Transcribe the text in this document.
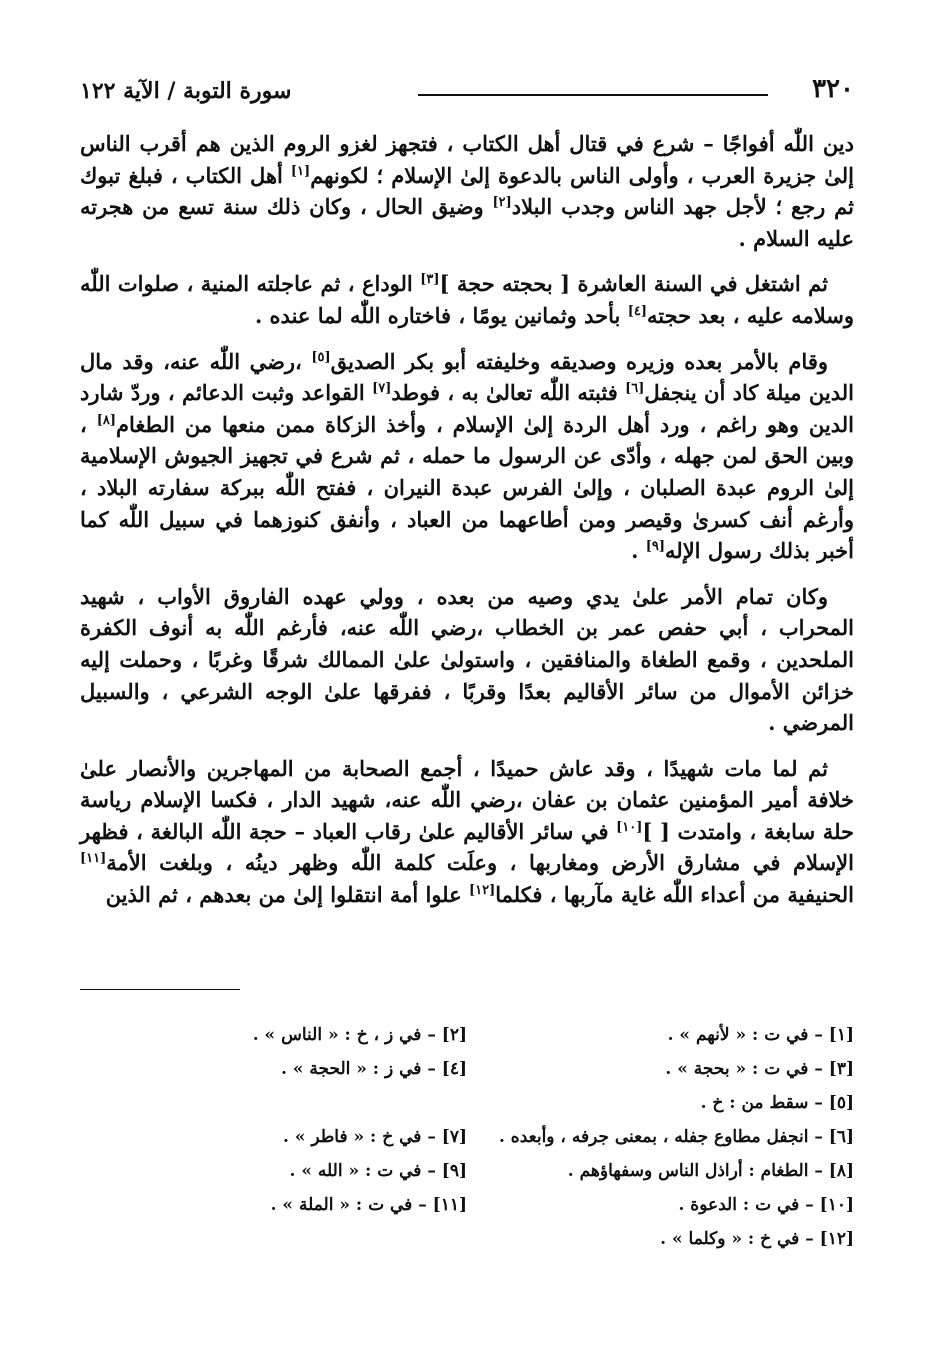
٣٢٠
سورة التوبة / الآية ١٢٢

دين اللّٰه أفواجًا – شرع في قتال أهل الكتاب ، فتجهز لغزو الروم الذين هم أقرب الناس إلىٰ جزيرة العرب ، وأولى الناس بالدعوة إلىٰ الإسلام ؛ لكونهم[١] أهل الكتاب ، فبلغ تبوك ثم رجع ؛ لأجل جهد الناس وجدب البلاد[٢] وضيق الحال ، وكان ذلك سنة تسع من هجرته عليه السلام .

ثم اشتغل في السنة العاشرة [ بحجته حجة ][٣] الوداع ، ثم عاجلته المنية ، صلوات اللّٰه وسلامه عليه ، بعد حجته[٤] بأحد وثمانين يومًا ، فاختاره اللّٰه لما عنده .

وقام بالأمر بعده وزيره وصديقه وخليفته أبو بكر الصديق[٥] ،رضي اللّٰه عنه، وقد مال الدين ميلة كاد أن ينجفل[٦] فثبته اللّٰه تعالىٰ به ، فوطد[٧] القواعد وثبت الدعائم ، وردّ شارد الدين وهو راغم ، ورد أهل الردة إلىٰ الإسلام ، وأخذ الزكاة ممن منعها من الطغام[٨] ، وبين الحق لمن جهله ، وأدّى عن الرسول ما حمله ، ثم شرع في تجهيز الجيوش الإسلامية إلىٰ الروم عبدة الصلبان ، وإلىٰ الفرس عبدة النيران ، ففتح اللّٰه ببركة سفارته البلاد ، وأرغم أنف كسرىٰ وقيصر ومن أطاعهما من العباد ، وأنفق كنوزهما في سبيل اللّٰه كما أخبر بذلك رسول الإله[٩] .

وكان تمام الأمر علىٰ يدي وصيه من بعده ، وولي عهده الفاروق الأواب ، شهيد المحراب ، أبي حفص عمر بن الخطاب ،رضي اللّٰه عنه، فأرغم اللّٰه به أنوف الكفرة الملحدين ، وقمع الطغاة والمنافقين ، واستولىٰ علىٰ الممالك شرقًا وغربًا ، وحملت إليه خزائن الأموال من سائر الأقاليم بعدًا وقربًا ، ففرقها علىٰ الوجه الشرعي ، والسبيل المرضي .

ثم لما مات شهيدًا ، وقد عاش حميدًا ، أجمع الصحابة من المهاجرين والأنصار علىٰ خلافة أمير المؤمنين عثمان بن عفان ،رضي اللّٰه عنه، شهيد الدار ، فكسا الإسلام رياسة حلة سابغة ، وامتدت [ ][١٠] في سائر الأقاليم علىٰ رقاب العباد – حجة اللّٰه البالغة ، فظهر الإسلام في مشارق الأرض ومغاربها ، وعلَت كلمة اللّٰه وظهر دينُه ، وبلغت الأمة[١١] الحنيفية من أعداء اللّٰه غاية مآربها ، فكلما[١٢] علوا أمة انتقلوا إلىٰ من بعدهم ، ثم الذين

[١] – في ت : « لأنهم » .
[٢] – في ز ، خ : « الناس » .
[٣] – في ت : « بحجة » .
[٤] – في ز : « الحجة » .
[٥] – سقط من : خ .
[٦] – انجفل مطاوع جفله ، بمعنى جرفه ، وأبعده .
[٧] – في خ : « فاطر » .
[٨] – الطغام : أراذل الناس وسفهاؤهم .
[٩] – في ت : « الله » .
[١٠] – في ت : الدعوة .
[١١] – في ت : « الملة » .
[١٢] – في خ : « وكلما » .
